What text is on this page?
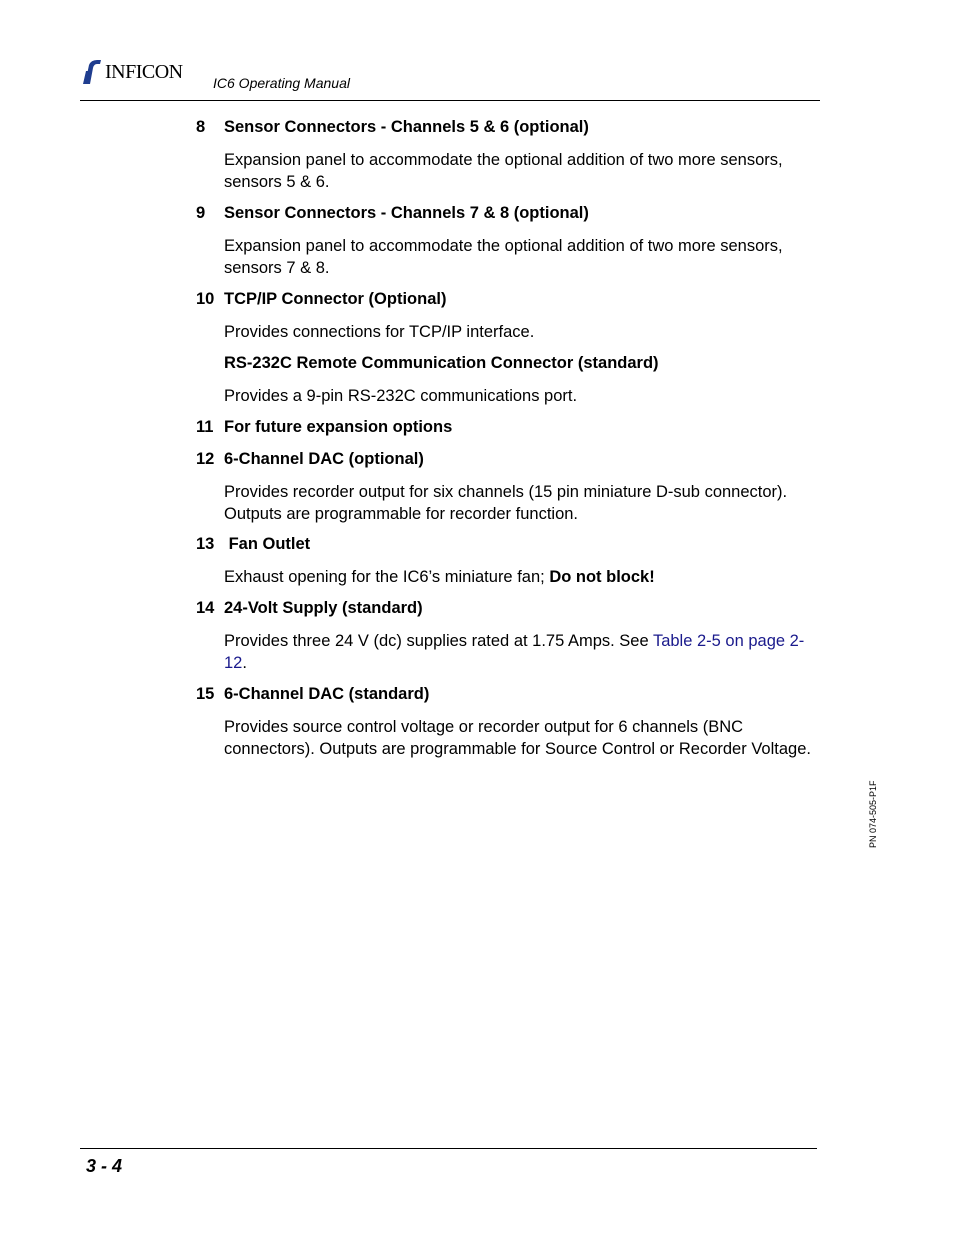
INFICON IC6 Operating Manual
8 Sensor Connectors - Channels 5 & 6 (optional)
Expansion panel to accommodate the optional addition of two more sensors, sensors 5 & 6.
9 Sensor Connectors - Channels 7 & 8 (optional)
Expansion panel to accommodate the optional addition of two more sensors, sensors 7 & 8.
10 TCP/IP Connector (Optional)
Provides connections for TCP/IP interface.
RS-232C Remote Communication Connector (standard)
Provides a 9-pin RS-232C communications port.
11 For future expansion options
12 6-Channel DAC (optional)
Provides recorder output for six channels (15 pin miniature D-sub connector). Outputs are programmable for recorder function.
13 Fan Outlet
Exhaust opening for the IC6’s miniature fan; Do not block!
14 24-Volt Supply (standard)
Provides three 24 V (dc) supplies rated at 1.75 Amps. See Table 2-5 on page 2-12.
15 6-Channel DAC (standard)
Provides source control voltage or recorder output for 6 channels (BNC connectors). Outputs are programmable for Source Control or Recorder Voltage.
PN 074-505-P1F
3 - 4
